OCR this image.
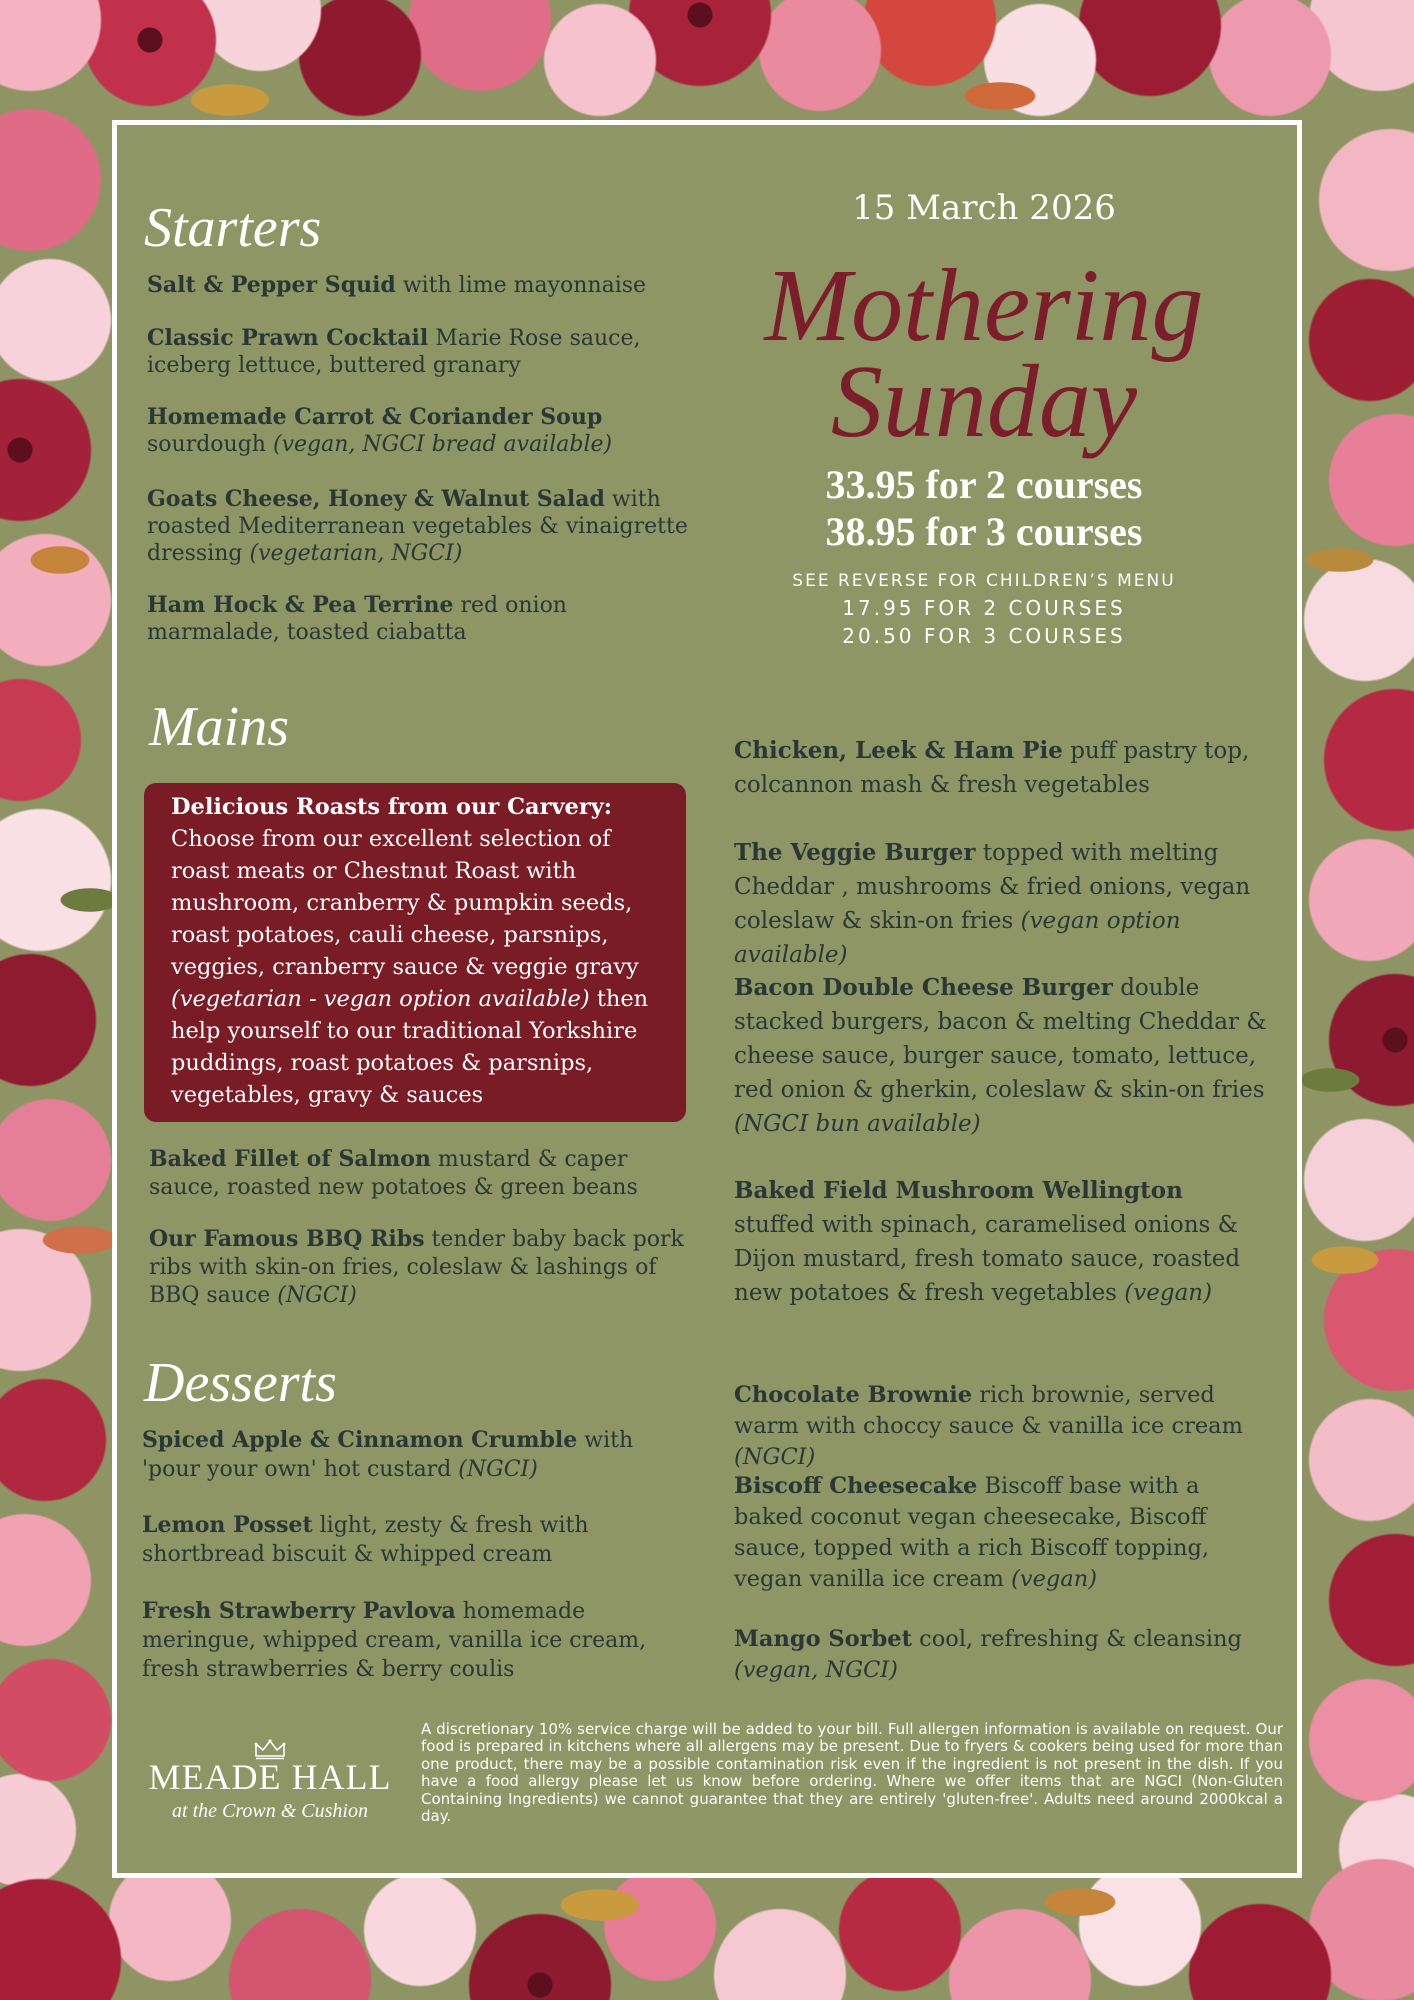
15 March 2026

Mothering

Sunday

33.95 for 2 courses

38.95 for 3 courses

SEE REVERSE FOR CHILDREN’S MENU

17.95 FOR 2 COURSES

20.50 FOR 3 COURSES

Starters

Salt & Pepper Squid with lime mayonnaise

Classic Prawn Cocktail Marie Rose sauce, iceberg lettuce, buttered granary

Homemade Carrot & Coriander Soup sourdough (vegan, NGCI bread available)

Goats Cheese, Honey & Walnut Salad with roasted Mediterranean vegetables & vinaigrette dressing (vegetarian, NGCI)

Ham Hock & Pea Terrine red onion marmalade, toasted ciabatta

Mains
Delicious Roasts from our Carvery:
Choose from our excellent selection of roast meats or Chestnut Roast with mushroom, cranberry & pumpkin seeds, roast potatoes, cauli cheese, parsnips, veggies, cranberry sauce & veggie gravy (vegetarian - vegan option available) then help yourself to our traditional Yorkshire puddings, roast potatoes & parsnips, vegetables, gravy & sauces

Baked Fillet of Salmon mustard & caper sauce, roasted new potatoes & green beans

Our Famous BBQ Ribs tender baby back pork ribs with skin-on fries, coleslaw & lashings of BBQ sauce (NGCI)

Chicken, Leek & Ham Pie puff pastry top, colcannon mash & fresh vegetables

The Veggie Burger topped with melting Cheddar , mushrooms & fried onions, vegan coleslaw & skin-on fries (vegan option available)

Bacon Double Cheese Burger double stacked burgers, bacon & melting Cheddar & cheese sauce, burger sauce, tomato, lettuce, red onion & gherkin, coleslaw & skin-on fries (NGCI bun available)

Baked Field Mushroom Wellington stuffed with spinach, caramelised onions & Dijon mustard, fresh tomato sauce, roasted new potatoes & fresh vegetables (vegan)

Desserts

Spiced Apple & Cinnamon Crumble with 'pour your own' hot custard (NGCI)

Lemon Posset light, zesty & fresh with shortbread biscuit & whipped cream

Fresh Strawberry Pavlova homemade meringue, whipped cream, vanilla ice cream, fresh strawberries & berry coulis

Chocolate Brownie rich brownie, served warm with choccy sauce & vanilla ice cream (NGCI)

Biscoff Cheesecake Biscoff base with a baked coconut vegan cheesecake, Biscoff sauce, topped with a rich Biscoff topping, vegan vanilla ice cream (vegan)

Mango Sorbet cool, refreshing & cleansing (vegan, NGCI)

MEADE HALL

at the Crown & Cushion

A discretionary 10% service charge will be added to your bill. Full allergen information is available on request. Our food is prepared in kitchens where all allergens may be present. Due to fryers & cookers being used for more than one product, there may be a possible contamination risk even if the ingredient is not present in the dish. If you have a food allergy please let us know before ordering. Where we offer items that are NGCI (Non-Gluten Containing Ingredients) we cannot guarantee that they are entirely 'gluten-free'. Adults need around 2000kcal a day.
